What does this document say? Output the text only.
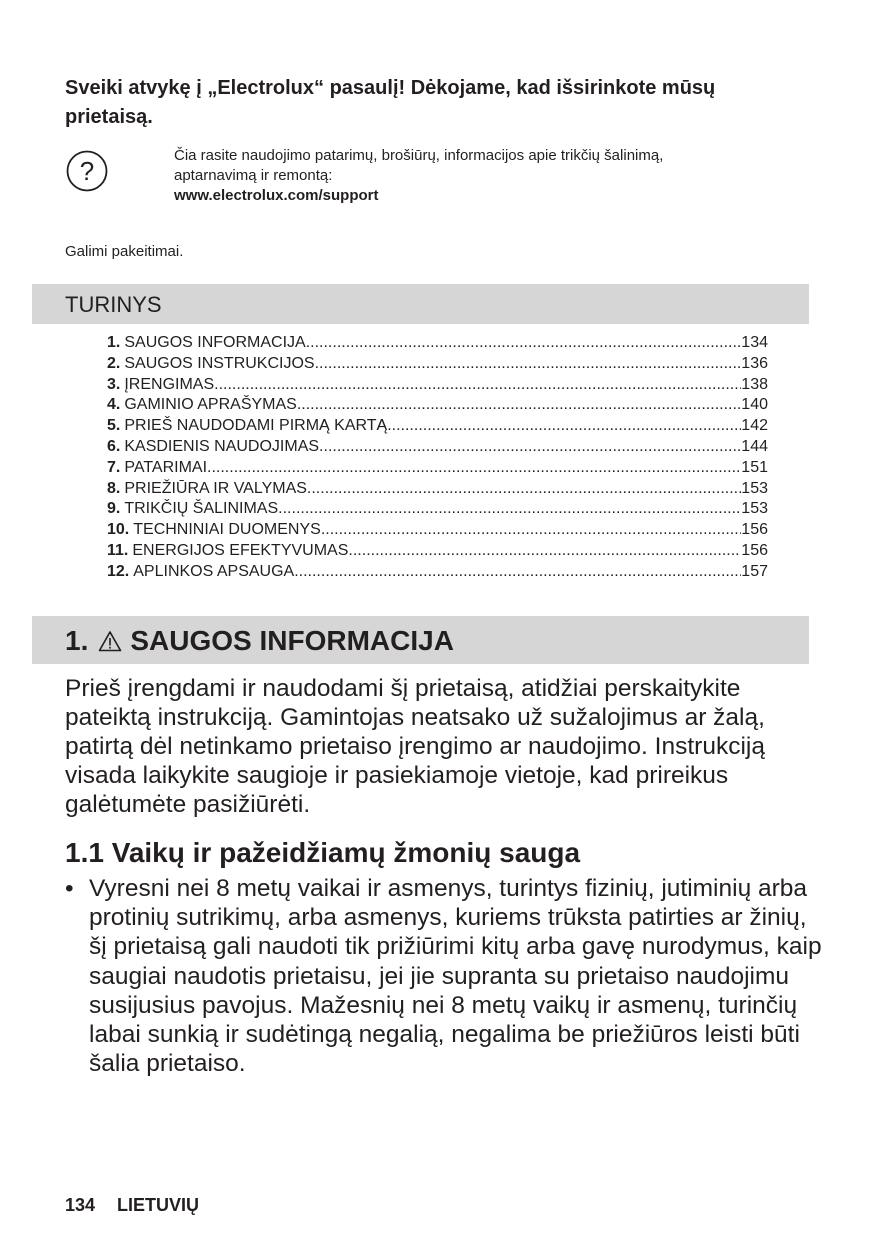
Sveiki atvykę į „Electrolux“ pasaulį! Dėkojame, kad išsirinkote mūsų prietaisą.
?
Čia rasite naudojimo patarimų, brošiūrų, informacijos apie trikčių šalinimą,
aptarnavimą ir remontą:
www.electrolux.com/support
Galimi pakeitimai.
TURINYS
1. SAUGOS INFORMACIJA .....	134
2. SAUGOS INSTRUKCIJOS .....	136
3. ĮRENGIMAS .....	138
4. GAMINIO APRAŠYMAS .....	140
5. PRIEŠ NAUDODAMI PIRMĄ KARTĄ .....	142
6. KASDIENIS NAUDOJIMAS .....	144
7. PATARIMAI .....	151
8. PRIEŽIŪRA IR VALYMAS .....	153
9. TRIKČIŲ ŠALINIMAS .....	153
10. TECHNINIAI DUOMENYS .....	156
11. ENERGIJOS EFEKTYVUMAS .....	156
12. APLINKOS APSAUGA .....	157
1. SAUGOS INFORMACIJA
Prieš įrengdami ir naudodami šį prietaisą, atidžiai perskaitykite pateiktą instrukciją. Gamintojas neatsako už sužalojimus ar žalą, patirtą dėl netinkamo prietaiso įrengimo ar naudojimo. Instrukciją visada laikykite saugioje ir pasiekiamoje vietoje, kad prireikus galėtumėte pasižiūrėti.
1.1 Vaikų ir pažeidžiamų žmonių sauga
• Vyresni nei 8 metų vaikai ir asmenys, turintys fizinių, jutiminių arba protinių sutrikimų, arba asmenys, kuriems trūksta patirties ar žinių, šį prietaisą gali naudoti tik prižiūrimi kitų arba gavę nurodymus, kaip saugiai naudotis prietaisu, jei jie supranta su prietaiso naudojimu susijusius pavojus. Mažesnių nei 8 metų vaikų ir asmenų, turinčių labai sunkią ir sudėtingą negalią, negalima be priežiūros leisti būti šalia prietaiso.
134 LIETUVIŲ
